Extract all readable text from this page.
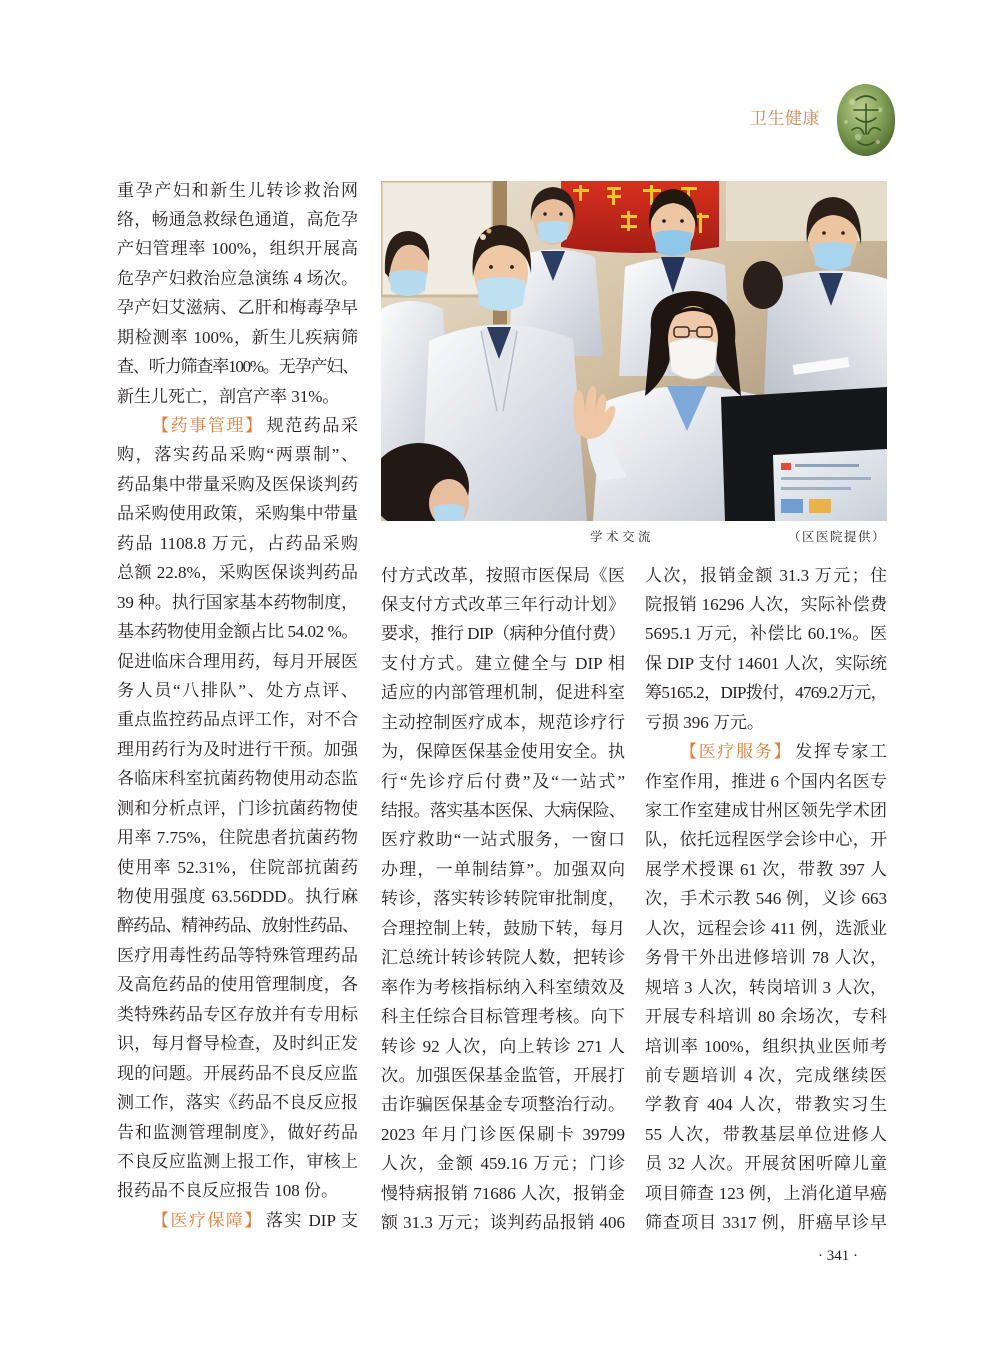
卫生健康
重孕产妇和新生儿转诊救治网
络，畅通急救绿色通道，高危孕
产妇管理率 100%，组织开展高
危孕产妇救治应急演练 4 场次。
孕产妇艾滋病、乙肝和梅毒孕早
期检测率 100%，新生儿疾病筛
查、听力筛查率100%。无孕产妇、
新生儿死亡，剖宫产率 31%。
【药事管理】 规范药品采
购，落实药品采购“两票制”、
药品集中带量采购及医保谈判药
品采购使用政策，采购集中带量
药品 1108.8 万元，占药品采购
总额 22.8%，采购医保谈判药品
39 种。执行国家基本药物制度，
基本药物使用金额占比 54.02 %。
促进临床合理用药，每月开展医
务人员“八排队”、处方点评、
重点监控药品点评工作，对不合
理用药行为及时进行干预。加强
各临床科室抗菌药物使用动态监
测和分析点评，门诊抗菌药物使
用率 7.75%，住院患者抗菌药物
使用率 52.31%，住院部抗菌药
物使用强度 63.56DDD。执行麻
醉药品、精神药品、放射性药品、
医疗用毒性药品等特殊管理药品
及高危药品的使用管理制度，各
类特殊药品专区存放并有专用标
识，每月督导检查，及时纠正发
现的问题。开展药品不良反应监
测工作，落实《药品不良反应报
告和监测管理制度》，做好药品
不良反应监测上报工作，审核上
报药品不良反应报告 108 份。
【医疗保障】 落实 DIP 支
付方式改革，按照市医保局《医
保支付方式改革三年行动计划》
要求，推行 DIP（病种分值付费）
支付方式。建立健全与 DIP 相
适应的内部管理机制，促进科室
主动控制医疗成本，规范诊疗行
为，保障医保基金使用安全。执
行“先诊疗后付费”及“一站式”
结报。落实基本医保、大病保险、
医疗救助“一站式服务，一窗口
办理，一单制结算”。加强双向
转诊，落实转诊转院审批制度，
合理控制上转，鼓励下转，每月
汇总统计转诊转院人数，把转诊
率作为考核指标纳入科室绩效及
科主任综合目标管理考核。向下
转诊 92 人次，向上转诊 271 人
次。加强医保基金监管，开展打
击诈骗医保基金专项整治行动。
2023 年月门诊医保刷卡 39799
人次，金额 459.16 万元；门诊
慢特病报销 71686 人次，报销金
额 31.3 万元；谈判药品报销 406
人次，报销金额 31.3 万元；住
院报销 16296 人次，实际补偿费
5695.1 万元，补偿比 60.1%。医
保 DIP 支付 14601 人次，实际统
筹5165.2，DIP拨付，4769.2万元，
亏损 396 万元。
【医疗服务】 发挥专家工
作室作用，推进 6 个国内名医专
家工作室建成甘州区领先学术团
队，依托远程医学会诊中心，开
展学术授课 61 次，带教 397 人
次，手术示教 546 例，义诊 663
人次，远程会诊 411 例，选派业
务骨干外出进修培训 78 人次，
规培 3 人次，转岗培训 3 人次，
开展专科培训 80 余场次，专科
培训率 100%，组织执业医师考
前专题培训 4 次，完成继续医
学教育 404 人次，带教实习生
55 人次，带教基层单位进修人
员 32 人次。开展贫困听障儿童
项目筛查 123 例，上消化道早癌
筛查项目 3317 例，肝癌早诊早
学术交流	（区医院提供）
· 341 ·
